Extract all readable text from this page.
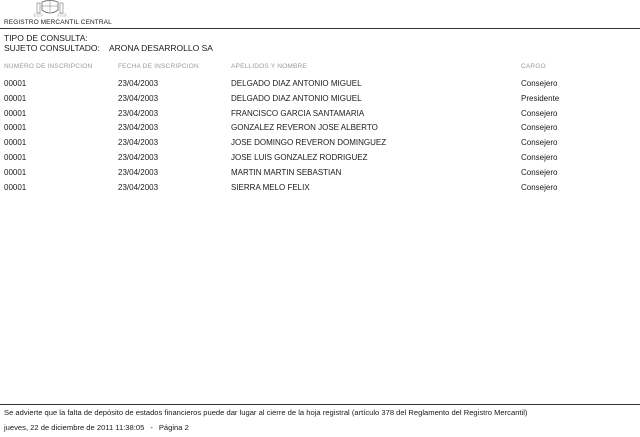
REGISTRO MERCANTIL CENTRAL
TIPO DE CONSULTA:
SUJETO CONSULTADO: ARONA DESARROLLO SA
NUMERO DE INSCRIPCION	FECHA DE INSCRIPCION	APELLIDOS Y NOMBRE	CARGO
00001	23/04/2003	DELGADO DIAZ ANTONIO MIGUEL	Consejero
00001	23/04/2003	DELGADO DIAZ ANTONIO MIGUEL	Presidente
00001	23/04/2003	FRANCISCO GARCIA SANTAMARIA	Consejero
00001	23/04/2003	GONZALEZ REVERON JOSE ALBERTO	Consejero
00001	23/04/2003	JOSE DOMINGO REVERON DOMINGUEZ	Consejero
00001	23/04/2003	JOSE LUIS GONZALEZ RODRIGUEZ	Consejero
00001	23/04/2003	MARTIN MARTIN SEBASTIAN	Consejero
00001	23/04/2003	SIERRA MELO FELIX	Consejero
Se advierte que la falta de depósito de estados financieros puede dar lugar al cierre de la hoja registral (artículo 378 del Reglamento del Registro Mercantil)
jueves, 22 de diciembre de 2011 11:38:05 - Página 2
